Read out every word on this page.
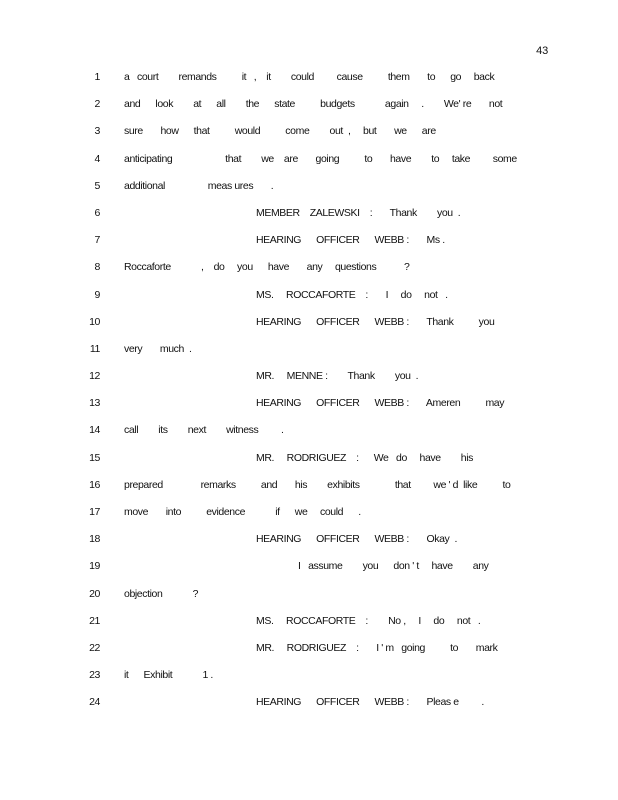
43

1

a   court        remands          it   ,    it        could         cause          them       to      go     back

2

and      look        at      all        the      state          budgets            again     .        We' re       not

3

sure       how      that          would          come        out  ,     but       we      are

4

anticipating                     that        we    are       going          to       have        to     take         some

5

additional                 meas ures       .

6

	MEMBER    ZALEWSKI    :       Thank        you  .

7

	HEARING      OFFICER      WEBB :       Ms .

8

Roccaforte            ,    do     you      have       any     questions           ?

9

	MS.     ROCCAFORTE    :       I     do     not   .

10

	HEARING      OFFICER      WEBB :       Thank          you

11

very       much  .

12

	MR.     MENNE :        Thank        you  .

13

	HEARING      OFFICER      WEBB :       Ameren          may

14

call        its        next        witness         .

15

	MR.     RODRIGUEZ    :      We   do     have        his

16

prepared               remarks          and       his        exhibits              that         we ' d  like          to

17

move       into          evidence            if      we     could      .

18

	HEARING      OFFICER      WEBB :       Okay  .

19

	I   assume        you      don ' t     have        any

20

objection            ?

21

	MS.     ROCCAFORTE    :        No ,     I     do     not   .

22

	MR.     RODRIGUEZ    :       I ' m   going          to       mark

23

it      Exhibit            1 .

24

	HEARING      OFFICER      WEBB :       Pleas e         .
